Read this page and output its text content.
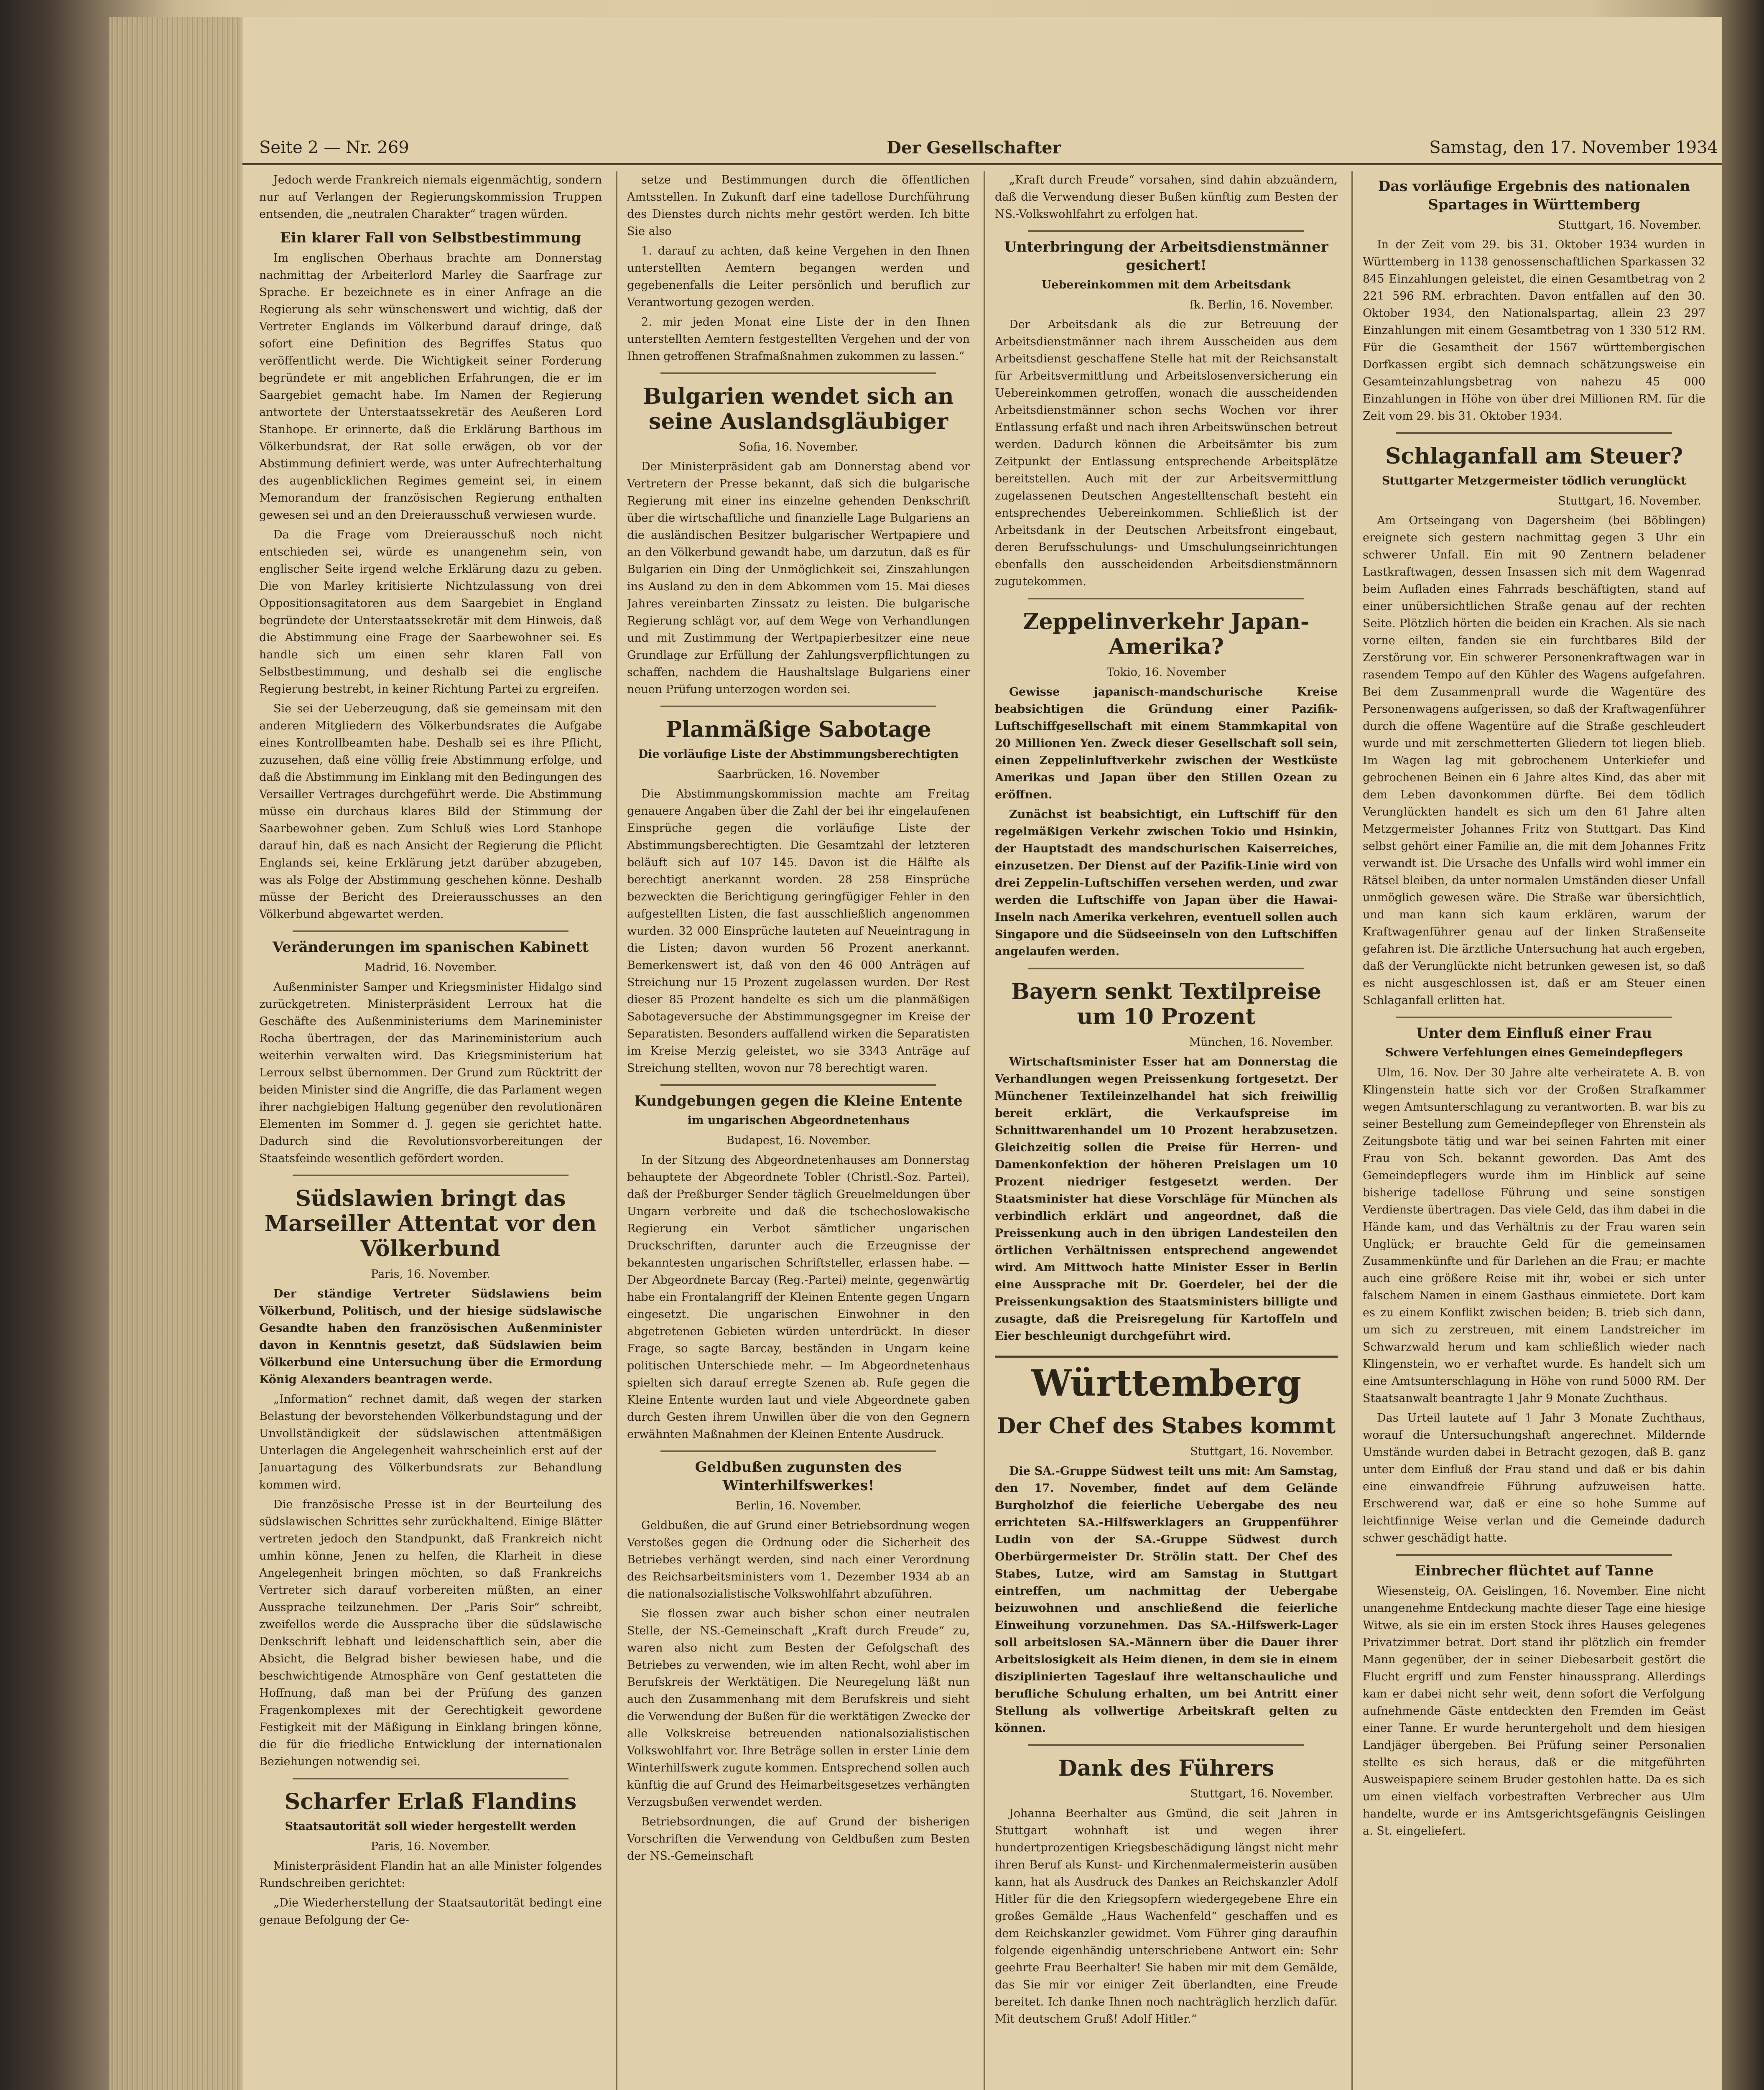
Seite 2 — Nr. 269	Der Gesellschafter	Samstag, den 17. November 1934

Jedoch werde Frankreich niemals eigenmächtig, sondern nur auf Verlangen der Regierungskommission Truppen entsenden, die „neutralen Charakter“ tragen würden.

Ein klarer Fall von Selbstbestimmung

Im englischen Oberhaus brachte am Donnerstag nachmittag der Arbeiterlord Marley die Saarfrage zur Sprache. Er bezeichnete es in einer Anfrage an die Regierung als sehr wünschenswert und wichtig, daß der Vertreter Englands im Völkerbund darauf dringe, daß sofort eine Definition des Begriffes Status quo veröffentlicht werde. Die Wichtigkeit seiner Forderung begründete er mit angeblichen Erfahrungen, die er im Saargebiet gemacht habe. Im Namen der Regierung antwortete der Unterstaatssekretär des Aeußeren Lord Stanhope. Er erinnerte, daß die Erklärung Barthous im Völkerbundsrat, der Rat solle erwägen, ob vor der Abstimmung definiert werde, was unter Aufrechterhaltung des augenblicklichen Regimes gemeint sei, in einem Memorandum der französischen Regierung enthalten gewesen sei und an den Dreierausschuß verwiesen wurde.

Da die Frage vom Dreierausschuß noch nicht entschieden sei, würde es unangenehm sein, von englischer Seite irgend welche Erklärung dazu zu geben. Die von Marley kritisierte Nichtzulassung von drei Oppositionsagitatoren aus dem Saargebiet in England begründete der Unterstaatssekretär mit dem Hinweis, daß die Abstimmung eine Frage der Saarbewohner sei. Es handle sich um einen sehr klaren Fall von Selbstbestimmung, und deshalb sei die englische Regierung bestrebt, in keiner Richtung Partei zu ergreifen.

Sie sei der Ueberzeugung, daß sie gemeinsam mit den anderen Mitgliedern des Völkerbundsrates die Aufgabe eines Kontrollbeamten habe. Deshalb sei es ihre Pflicht, zuzusehen, daß eine völlig freie Abstimmung erfolge, und daß die Abstimmung im Einklang mit den Bedingungen des Versailler Vertrages durchgeführt werde. Die Abstimmung müsse ein durchaus klares Bild der Stimmung der Saarbewohner geben. Zum Schluß wies Lord Stanhope darauf hin, daß es nach Ansicht der Regierung die Pflicht Englands sei, keine Erklärung jetzt darüber abzugeben, was als Folge der Abstimmung geschehen könne. Deshalb müsse der Bericht des Dreierausschusses an den Völkerbund abgewartet werden.

Veränderungen im spanischen Kabinett
Madrid, 16. November.

Außenminister Samper und Kriegsminister Hidalgo sind zurückgetreten. Ministerpräsident Lerroux hat die Geschäfte des Außenministeriums dem Marineminister Rocha übertragen, der das Marineministerium auch weiterhin verwalten wird. Das Kriegsministerium hat Lerroux selbst übernommen. Der Grund zum Rücktritt der beiden Minister sind die Angriffe, die das Parlament wegen ihrer nachgiebigen Haltung gegenüber den revolutionären Elementen im Sommer d. J. gegen sie gerichtet hatte. Dadurch sind die Revolutionsvorbereitungen der Staatsfeinde wesentlich gefördert worden.

Südslawien bringt das Marseiller Attentat vor den Völkerbund
Paris, 16. November.

Der ständige Vertreter Südslawiens beim Völkerbund, Politisch, und der hiesige südslawische Gesandte haben den französischen Außenminister davon in Kenntnis gesetzt, daß Südslawien beim Völkerbund eine Untersuchung über die Ermordung König Alexanders beantragen werde.

„Information“ rechnet damit, daß wegen der starken Belastung der bevorstehenden Völkerbundstagung und der Unvollständigkeit der südslawischen attentmäßigen Unterlagen die Angelegenheit wahrscheinlich erst auf der Januartagung des Völkerbundsrats zur Behandlung kommen wird.

Die französische Presse ist in der Beurteilung des südslawischen Schrittes sehr zurückhaltend. Einige Blätter vertreten jedoch den Standpunkt, daß Frankreich nicht umhin könne, Jenen zu helfen, die Klarheit in diese Angelegenheit bringen möchten, so daß Frankreichs Vertreter sich darauf vorbereiten müßten, an einer Aussprache teilzunehmen. Der „Paris Soir“ schreibt, zweifellos werde die Aussprache über die südslawische Denkschrift lebhaft und leidenschaftlich sein, aber die Absicht, die Belgrad bisher bewiesen habe, und die beschwichtigende Atmosphäre von Genf gestatteten die Hoffnung, daß man bei der Prüfung des ganzen Fragenkomplexes mit der Gerechtigkeit gewordene Festigkeit mit der Mäßigung in Einklang bringen könne, die für die friedliche Entwicklung der internationalen Beziehungen notwendig sei.

Scharfer Erlaß Flandins
Staatsautorität soll wieder hergestellt werden
Paris, 16. November.

Ministerpräsident Flandin hat an alle Minister folgendes Rundschreiben gerichtet:

„Die Wiederherstellung der Staatsautorität bedingt eine genaue Befolgung der Ge-

setze und Bestimmungen durch die öffentlichen Amtsstellen. In Zukunft darf eine tadellose Durchführung des Dienstes durch nichts mehr gestört werden. Ich bitte Sie also

1. darauf zu achten, daß keine Vergehen in den Ihnen unterstellten Aemtern begangen werden und gegebenenfalls die Leiter persönlich und beruflich zur Verantwortung gezogen werden.

2. mir jeden Monat eine Liste der in den Ihnen unterstellten Aemtern festgestellten Vergehen und der von Ihnen getroffenen Strafmaßnahmen zukommen zu lassen.“

Bulgarien wendet sich an seine Auslandsgläubiger
Sofia, 16. November.

Der Ministerpräsident gab am Donnerstag abend vor Vertretern der Presse bekannt, daß sich die bulgarische Regierung mit einer ins einzelne gehenden Denkschrift über die wirtschaftliche und finanzielle Lage Bulgariens an die ausländischen Besitzer bulgarischer Wertpapiere und an den Völkerbund gewandt habe, um darzutun, daß es für Bulgarien ein Ding der Unmöglichkeit sei, Zinszahlungen ins Ausland zu den in dem Abkommen vom 15. Mai dieses Jahres vereinbarten Zinssatz zu leisten. Die bulgarische Regierung schlägt vor, auf dem Wege von Verhandlungen und mit Zustimmung der Wertpapierbesitzer eine neue Grundlage zur Erfüllung der Zahlungsverpflichtungen zu schaffen, nachdem die Haushaltslage Bulgariens einer neuen Prüfung unterzogen worden sei.

Planmäßige Sabotage
Die vorläufige Liste der Abstimmungsberechtigten
Saarbrücken, 16. November

Die Abstimmungskommission machte am Freitag genauere Angaben über die Zahl der bei ihr eingelaufenen Einsprüche gegen die vorläufige Liste der Abstimmungsberechtigten. Die Gesamtzahl der letzteren beläuft sich auf 107 145. Davon ist die Hälfte als berechtigt anerkannt worden. 28 258 Einsprüche bezweckten die Berichtigung geringfügiger Fehler in den aufgestellten Listen, die fast ausschließlich angenommen wurden. 32 000 Einsprüche lauteten auf Neueintragung in die Listen; davon wurden 56 Prozent anerkannt. Bemerkenswert ist, daß von den 46 000 Anträgen auf Streichung nur 15 Prozent zugelassen wurden. Der Rest dieser 85 Prozent handelte es sich um die planmäßigen Sabotageversuche der Abstimmungsgegner im Kreise der Separatisten. Besonders auffallend wirken die Separatisten im Kreise Merzig geleistet, wo sie 3343 Anträge auf Streichung stellten, wovon nur 78 berechtigt waren.

Kundgebungen gegen die Kleine Entente
im ungarischen Abgeordnetenhaus
Budapest, 16. November.

In der Sitzung des Abgeordnetenhauses am Donnerstag behauptete der Abgeordnete Tobler (Christl.-Soz. Partei), daß der Preßburger Sender täglich Greuelmeldungen über Ungarn verbreite und daß die tschechoslowakische Regierung ein Verbot sämtlicher ungarischen Druckschriften, darunter auch die Erzeugnisse der bekanntesten ungarischen Schriftsteller, erlassen habe. — Der Abgeordnete Barcay (Reg.-Partei) meinte, gegenwärtig habe ein Frontalangriff der Kleinen Entente gegen Ungarn eingesetzt. Die ungarischen Einwohner in den abgetretenen Gebieten würden unterdrückt. In dieser Frage, so sagte Barcay, beständen in Ungarn keine politischen Unterschiede mehr. — Im Abgeordnetenhaus spielten sich darauf erregte Szenen ab. Rufe gegen die Kleine Entente wurden laut und viele Abgeordnete gaben durch Gesten ihrem Unwillen über die von den Gegnern erwähnten Maßnahmen der Kleinen Entente Ausdruck.

Geldbußen zugunsten des Winterhilfswerkes!
Berlin, 16. November.

Geldbußen, die auf Grund einer Betriebsordnung wegen Verstoßes gegen die Ordnung oder die Sicherheit des Betriebes verhängt werden, sind nach einer Verordnung des Reichsarbeitsministers vom 1. Dezember 1934 ab an die nationalsozialistische Volkswohlfahrt abzuführen.

Sie flossen zwar auch bisher schon einer neutralen Stelle, der NS.-Gemeinschaft „Kraft durch Freude“ zu, waren also nicht zum Besten der Gefolgschaft des Betriebes zu verwenden, wie im alten Recht, wohl aber im Berufskreis der Werktätigen. Die Neuregelung läßt nun auch den Zusammenhang mit dem Berufskreis und sieht die Verwendung der Bußen für die werktätigen Zwecke der alle Volkskreise betreuenden nationalsozialistischen Volkswohlfahrt vor. Ihre Beträge sollen in erster Linie dem Winterhilfswerk zugute kommen. Entsprechend sollen auch künftig die auf Grund des Heimarbeitsgesetzes verhängten Verzugsbußen verwendet werden.

Betriebsordnungen, die auf Grund der bisherigen Vorschriften die Verwendung von Geldbußen zum Besten der NS.-Gemeinschaft

„Kraft durch Freude“ vorsahen, sind dahin abzuändern, daß die Verwendung dieser Bußen künftig zum Besten der NS.-Volkswohlfahrt zu erfolgen hat.

Unterbringung der Arbeitsdienstmänner gesichert!
Uebereinkommen mit dem Arbeitsdank
fk. Berlin, 16. November.

Der Arbeitsdank als die zur Betreuung der Arbeitsdienstmänner nach ihrem Ausscheiden aus dem Arbeitsdienst geschaffene Stelle hat mit der Reichsanstalt für Arbeitsvermittlung und Arbeitslosenversicherung ein Uebereinkommen getroffen, wonach die ausscheidenden Arbeitsdienstmänner schon sechs Wochen vor ihrer Entlassung erfaßt und nach ihren Arbeitswünschen betreut werden. Dadurch können die Arbeitsämter bis zum Zeitpunkt der Entlassung entsprechende Arbeitsplätze bereitstellen. Auch mit der zur Arbeitsvermittlung zugelassenen Deutschen Angestelltenschaft besteht ein entsprechendes Uebereinkommen. Schließlich ist der Arbeitsdank in der Deutschen Arbeitsfront eingebaut, deren Berufsschulungs- und Umschulungseinrichtungen ebenfalls den ausscheidenden Arbeitsdienstmännern zugutekommen.

Zeppelinverkehr Japan-Amerika?
Tokio, 16. November

Gewisse japanisch-mandschurische Kreise beabsichtigen die Gründung einer Pazifik-Luftschiffgesellschaft mit einem Stammkapital von 20 Millionen Yen. Zweck dieser Gesellschaft soll sein, einen Zeppelinluftverkehr zwischen der Westküste Amerikas und Japan über den Stillen Ozean zu eröffnen.

Zunächst ist beabsichtigt, ein Luftschiff für den regelmäßigen Verkehr zwischen Tokio und Hsinkin, der Hauptstadt des mandschurischen Kaiserreiches, einzusetzen. Der Dienst auf der Pazifik-Linie wird von drei Zeppelin-Luftschiffen versehen werden, und zwar werden die Luftschiffe von Japan über die Hawai-Inseln nach Amerika verkehren, eventuell sollen auch Singapore und die Südseeinseln von den Luftschiffen angelaufen werden.

Bayern senkt Textilpreise um 10 Prozent
München, 16. November.

Wirtschaftsminister Esser hat am Donnerstag die Verhandlungen wegen Preissenkung fortgesetzt. Der Münchener Textileinzelhandel hat sich freiwillig bereit erklärt, die Verkaufspreise im Schnittwarenhandel um 10 Prozent herabzusetzen. Gleichzeitig sollen die Preise für Herren- und Damenkonfektion der höheren Preislagen um 10 Prozent niedriger festgesetzt werden. Der Staatsminister hat diese Vorschläge für München als verbindlich erklärt und angeordnet, daß die Preissenkung auch in den übrigen Landesteilen den örtlichen Verhältnissen entsprechend angewendet wird. Am Mittwoch hatte Minister Esser in Berlin eine Aussprache mit Dr. Goerdeler, bei der die Preissenkungsaktion des Staatsministers billigte und zusagte, daß die Preisregelung für Kartoffeln und Eier beschleunigt durchgeführt wird.

Württemberg
Der Chef des Stabes kommt
Stuttgart, 16. November.

Die SA.-Gruppe Südwest teilt uns mit: Am Samstag, den 17. November, findet auf dem Gelände Burgholzhof die feierliche Uebergabe des neu errichteten SA.-Hilfswerklagers an Gruppenführer Ludin von der SA.-Gruppe Südwest durch Oberbürgermeister Dr. Strölin statt. Der Chef des Stabes, Lutze, wird am Samstag in Stuttgart eintreffen, um nachmittag der Uebergabe beizuwohnen und anschließend die feierliche Einweihung vorzunehmen. Das SA.-Hilfswerk-Lager soll arbeitslosen SA.-Männern über die Dauer ihrer Arbeitslosigkeit als Heim dienen, in dem sie in einem disziplinierten Tageslauf ihre weltanschauliche und berufliche Schulung erhalten, um bei Antritt einer Stellung als vollwertige Arbeitskraft gelten zu können.

Dank des Führers
Stuttgart, 16. November.

Johanna Beerhalter aus Gmünd, die seit Jahren in Stuttgart wohnhaft ist und wegen ihrer hundertprozentigen Kriegsbeschädigung längst nicht mehr ihren Beruf als Kunst- und Kirchenmalermeisterin ausüben kann, hat als Ausdruck des Dankes an Reichskanzler Adolf Hitler für die den Kriegsopfern wiedergegebene Ehre ein großes Gemälde „Haus Wachenfeld“ geschaffen und es dem Reichskanzler gewidmet. Vom Führer ging daraufhin folgende eigenhändig unterschriebene Antwort ein: Sehr geehrte Frau Beerhalter! Sie haben mir mit dem Gemälde, das Sie mir vor einiger Zeit überlandten, eine Freude bereitet. Ich danke Ihnen noch nachträglich herzlich dafür. Mit deutschem Gruß! Adolf Hitler.“

Das vorläufige Ergebnis des nationalen Spartages in Württemberg
Stuttgart, 16. November.

In der Zeit vom 29. bis 31. Oktober 1934 wurden in Württemberg in 1138 genossenschaftlichen Sparkassen 32 845 Einzahlungen geleistet, die einen Gesamtbetrag von 2 221 596 RM. erbrachten. Davon entfallen auf den 30. Oktober 1934, den Nationalspartag, allein 23 297 Einzahlungen mit einem Gesamtbetrag von 1 330 512 RM. Für die Gesamtheit der 1567 württembergischen Dorfkassen ergibt sich demnach schätzungsweise ein Gesamteinzahlungsbetrag von nahezu 45 000 Einzahlungen in Höhe von über drei Millionen RM. für die Zeit vom 29. bis 31. Oktober 1934.

Schlaganfall am Steuer?
Stuttgarter Metzgermeister tödlich verunglückt
Stuttgart, 16. November.

Am Ortseingang von Dagersheim (bei Böblingen) ereignete sich gestern nachmittag gegen 3 Uhr ein schwerer Unfall. Ein mit 90 Zentnern beladener Lastkraftwagen, dessen Insassen sich mit dem Wagenrad beim Aufladen eines Fahrrads beschäftigten, stand auf einer unübersichtlichen Straße genau auf der rechten Seite. Plötzlich hörten die beiden ein Krachen. Als sie nach vorne eilten, fanden sie ein furchtbares Bild der Zerstörung vor. Ein schwerer Personenkraftwagen war in rasendem Tempo auf den Kühler des Wagens aufgefahren. Bei dem Zusammenprall wurde die Wagentüre des Personenwagens aufgerissen, so daß der Kraftwagenführer durch die offene Wagentüre auf die Straße geschleudert wurde und mit zerschmetterten Gliedern tot liegen blieb. Im Wagen lag mit gebrochenem Unterkiefer und gebrochenen Beinen ein 6 Jahre altes Kind, das aber mit dem Leben davonkommen dürfte. Bei dem tödlich Verunglückten handelt es sich um den 61 Jahre alten Metzgermeister Johannes Fritz von Stuttgart. Das Kind selbst gehört einer Familie an, die mit dem Johannes Fritz verwandt ist. Die Ursache des Unfalls wird wohl immer ein Rätsel bleiben, da unter normalen Umständen dieser Unfall unmöglich gewesen wäre. Die Straße war übersichtlich, und man kann sich kaum erklären, warum der Kraftwagenführer genau auf der linken Straßenseite gefahren ist. Die ärztliche Untersuchung hat auch ergeben, daß der Verunglückte nicht betrunken gewesen ist, so daß es nicht ausgeschlossen ist, daß er am Steuer einen Schlaganfall erlitten hat.

Unter dem Einfluß einer Frau
Schwere Verfehlungen eines Gemeindepflegers

Ulm, 16. Nov. Der 30 Jahre alte verheiratete A. B. von Klingenstein hatte sich vor der Großen Strafkammer wegen Amtsunterschlagung zu verantworten. B. war bis zu seiner Bestellung zum Gemeindepfleger von Ehrenstein als Zeitungsbote tätig und war bei seinen Fahrten mit einer Frau von Sch. bekannt geworden. Das Amt des Gemeindepflegers wurde ihm im Hinblick auf seine bisherige tadellose Führung und seine sonstigen Verdienste übertragen. Das viele Geld, das ihm dabei in die Hände kam, und das Verhältnis zu der Frau waren sein Unglück; er brauchte Geld für die gemeinsamen Zusammenkünfte und für Darlehen an die Frau; er machte auch eine größere Reise mit ihr, wobei er sich unter falschem Namen in einem Gasthaus einmietete. Dort kam es zu einem Konflikt zwischen beiden; B. trieb sich dann, um sich zu zerstreuen, mit einem Landstreicher im Schwarzwald herum und kam schließlich wieder nach Klingenstein, wo er verhaftet wurde. Es handelt sich um eine Amtsunterschlagung in Höhe von rund 5000 RM. Der Staatsanwalt beantragte 1 Jahr 9 Monate Zuchthaus.

Das Urteil lautete auf 1 Jahr 3 Monate Zuchthaus, worauf die Untersuchungshaft angerechnet. Mildernde Umstände wurden dabei in Betracht gezogen, daß B. ganz unter dem Einfluß der Frau stand und daß er bis dahin eine einwandfreie Führung aufzuweisen hatte. Erschwerend war, daß er eine so hohe Summe auf leichtfinnige Weise verlan und die Gemeinde dadurch schwer geschädigt hatte.

Einbrecher flüchtet auf Tanne

Wiesensteig, OA. Geislingen, 16. November. Eine nicht unangenehme Entdeckung machte dieser Tage eine hiesige Witwe, als sie ein im ersten Stock ihres Hauses gelegenes Privatzimmer betrat. Dort stand ihr plötzlich ein fremder Mann gegenüber, der in seiner Diebesarbeit gestört die Flucht ergriff und zum Fenster hinaussprang. Allerdings kam er dabei nicht sehr weit, denn sofort die Verfolgung aufnehmende Gäste entdeckten den Fremden im Geäst einer Tanne. Er wurde heruntergeholt und dem hiesigen Landjäger übergeben. Bei Prüfung seiner Personalien stellte es sich heraus, daß er die mitgeführten Ausweispapiere seinem Bruder gestohlen hatte. Da es sich um einen vielfach vorbestraften Verbrecher aus Ulm handelte, wurde er ins Amtsgerichtsgefängnis Geislingen a. St. eingeliefert.
